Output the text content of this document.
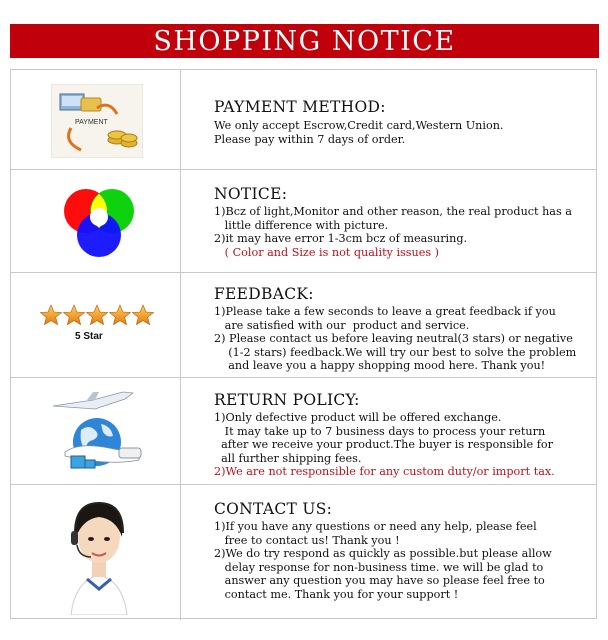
SHOPPING NOTICE
PAYMENT
PAYMENT METHOD:
We only accept Escrow,Credit card,Western Union.
Please pay within 7 days of order.
NOTICE:
1)Bcz of light,Monitor and other reason, the real product has a
little difference with picture.
2)it may have error 1-3cm bcz of measuring.
( Color and Size is not quality issues )
5 Star
FEEDBACK:
1)Please take a few seconds to leave a great feedback if you
are satisfied with our  product and service.
2) Please contact us before leaving neutral(3 stars) or negative
(1-2 stars) feedback.We will try our best to solve the problem
and leave you a happy shopping mood here. Thank you!
RETURN POLICY:
1)Only defective product will be offered exchange.
It may take up to 7 business days to process your return
after we receive your product.The buyer is responsible for
all further shipping fees.
2)We are not responsible for any custom duty/or import tax.
CONTACT US:
1)If you have any questions or need any help, please feel
free to contact us! Thank you !
2)We do try respond as quickly as possible.but please allow
delay response for non-business time. we will be glad to
answer any question you may have so please feel free to
contact me. Thank you for your support !
